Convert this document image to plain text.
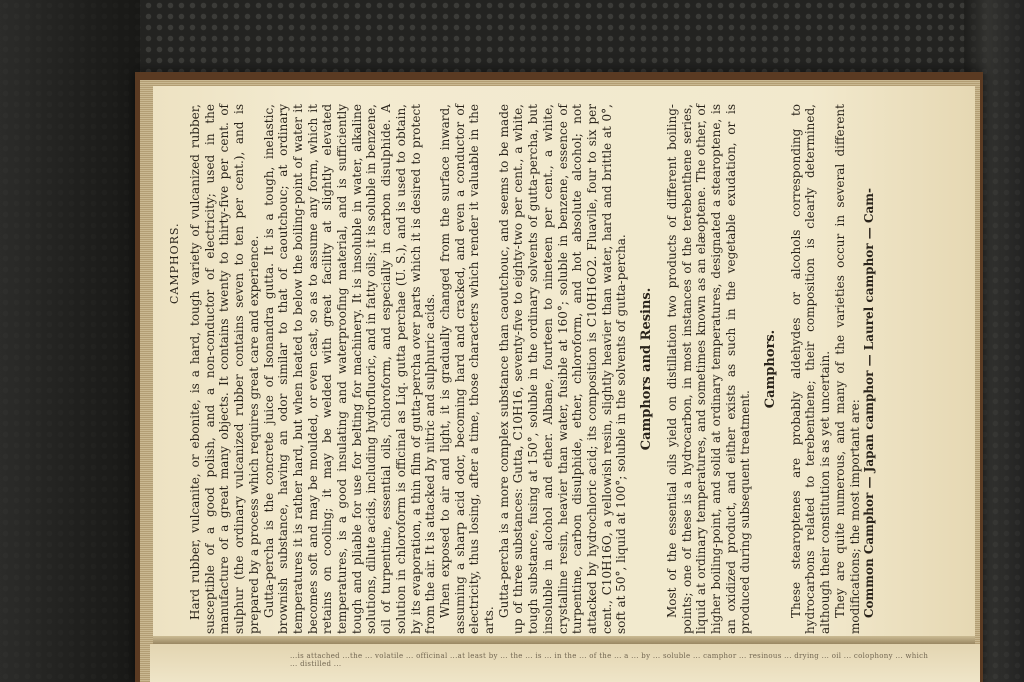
CAMPHORS. Hard rubber, vulcanite, or ebonite, is a hard, tough variety of vulcanized rubber, susceptible of a good polish, and a non-conductor of electricity; used in the manufacture of a great many objects. It contains twenty to thirty-five per cent. of sulphur (the ordinary vulcanized rubber contains seven to ten per cent.), and is prepared by a process which requires great care and experience. Gutta-percha is the concrete juice of Isonandra gutta. It is a tough, inelastic, brownish substance, having an odor similar to that of caoutchouc; at ordinary temperatures it is rather hard, but when heated to below the boiling-point of water it becomes soft and may be moulded, or even cast, so as to assume any form, which it retains on cooling; it may be welded with great facility at slightly elevated temperatures, is a good insulating and waterproofing material, and is sufficiently tough and pliable for use for belting for machinery. It is insoluble in water, alkaline solutions, dilute acids, including hydrofluoric, and in fatty oils; it is soluble in benzene, oil of turpentine, essential oils, chloroform, and especially in carbon disulphide. A solution in chloroform is officinal as Liq. gutta perchae (U. S.), and is used to obtain, by its evaporation, a thin film of gutta-percha over parts which it is desired to protect from the air. It is attacked by nitric and sulphuric acids. When exposed to air and light, it is gradually changed from the surface inward, assuming a sharp acid odor, becoming hard and cracked, and even a conductor of electricity, thus losing, after a time, those characters which render it valuable in the arts.

Gutta-percha is a more complex substance than caoutchouc, and seems to be made up of three substances: Gutta, C10H16, seventy-five to eighty-two per cent., a white, tough substance, fusing at 150°, soluble in the ordinary solvents of gutta-percha, but insoluble in alcohol and ether. Albane, fourteen to nineteen per cent., a white, crystalline resin, heavier than water, fusible at 160°; soluble in benzene, essence of turpentine, carbon disulphide, ether, chloroform, and hot absolute alcohol; not attacked by hydrochloric acid; its composition is C10H16O2. Fluavile, four to six per cent., C10H16O, a yellowish resin, slightly heavier than water, hard and brittle at 0°, soft at 50°, liquid at 100°; soluble in the solvents of gutta-percha. Camphors and Resins. Most of the essential oils yield on distillation two products of different boiling-points; one of these is a hydrocarbon, in most instances of the terebenthene series, liquid at ordinary temperatures, and sometimes known as an elæoptene. The other, of higher boiling-point, and solid at ordinary temperatures, designated a stearoptene, is an oxidized product, and either exists as such in the vegetable exudation, or is produced during subsequent treatment.

Camphors. These stearoptenes are probably aldehydes or alcohols corresponding to hydrocarbons related to terebenthene; their composition is clearly determined, although their constitution is as yet uncertain. They are quite numerous, and many of the varieties occur in several different modifications; the most important are: Common Camphor — Japan camphor — Laurel camphor — Cam-

...is attached ...the ... volatile ... officinal ...at least by ... the ... is ... in the ... of the ... a ... by ... soluble ... camphor ... resinous ... drying ... oil ... colophony ... which ... distilled ...
